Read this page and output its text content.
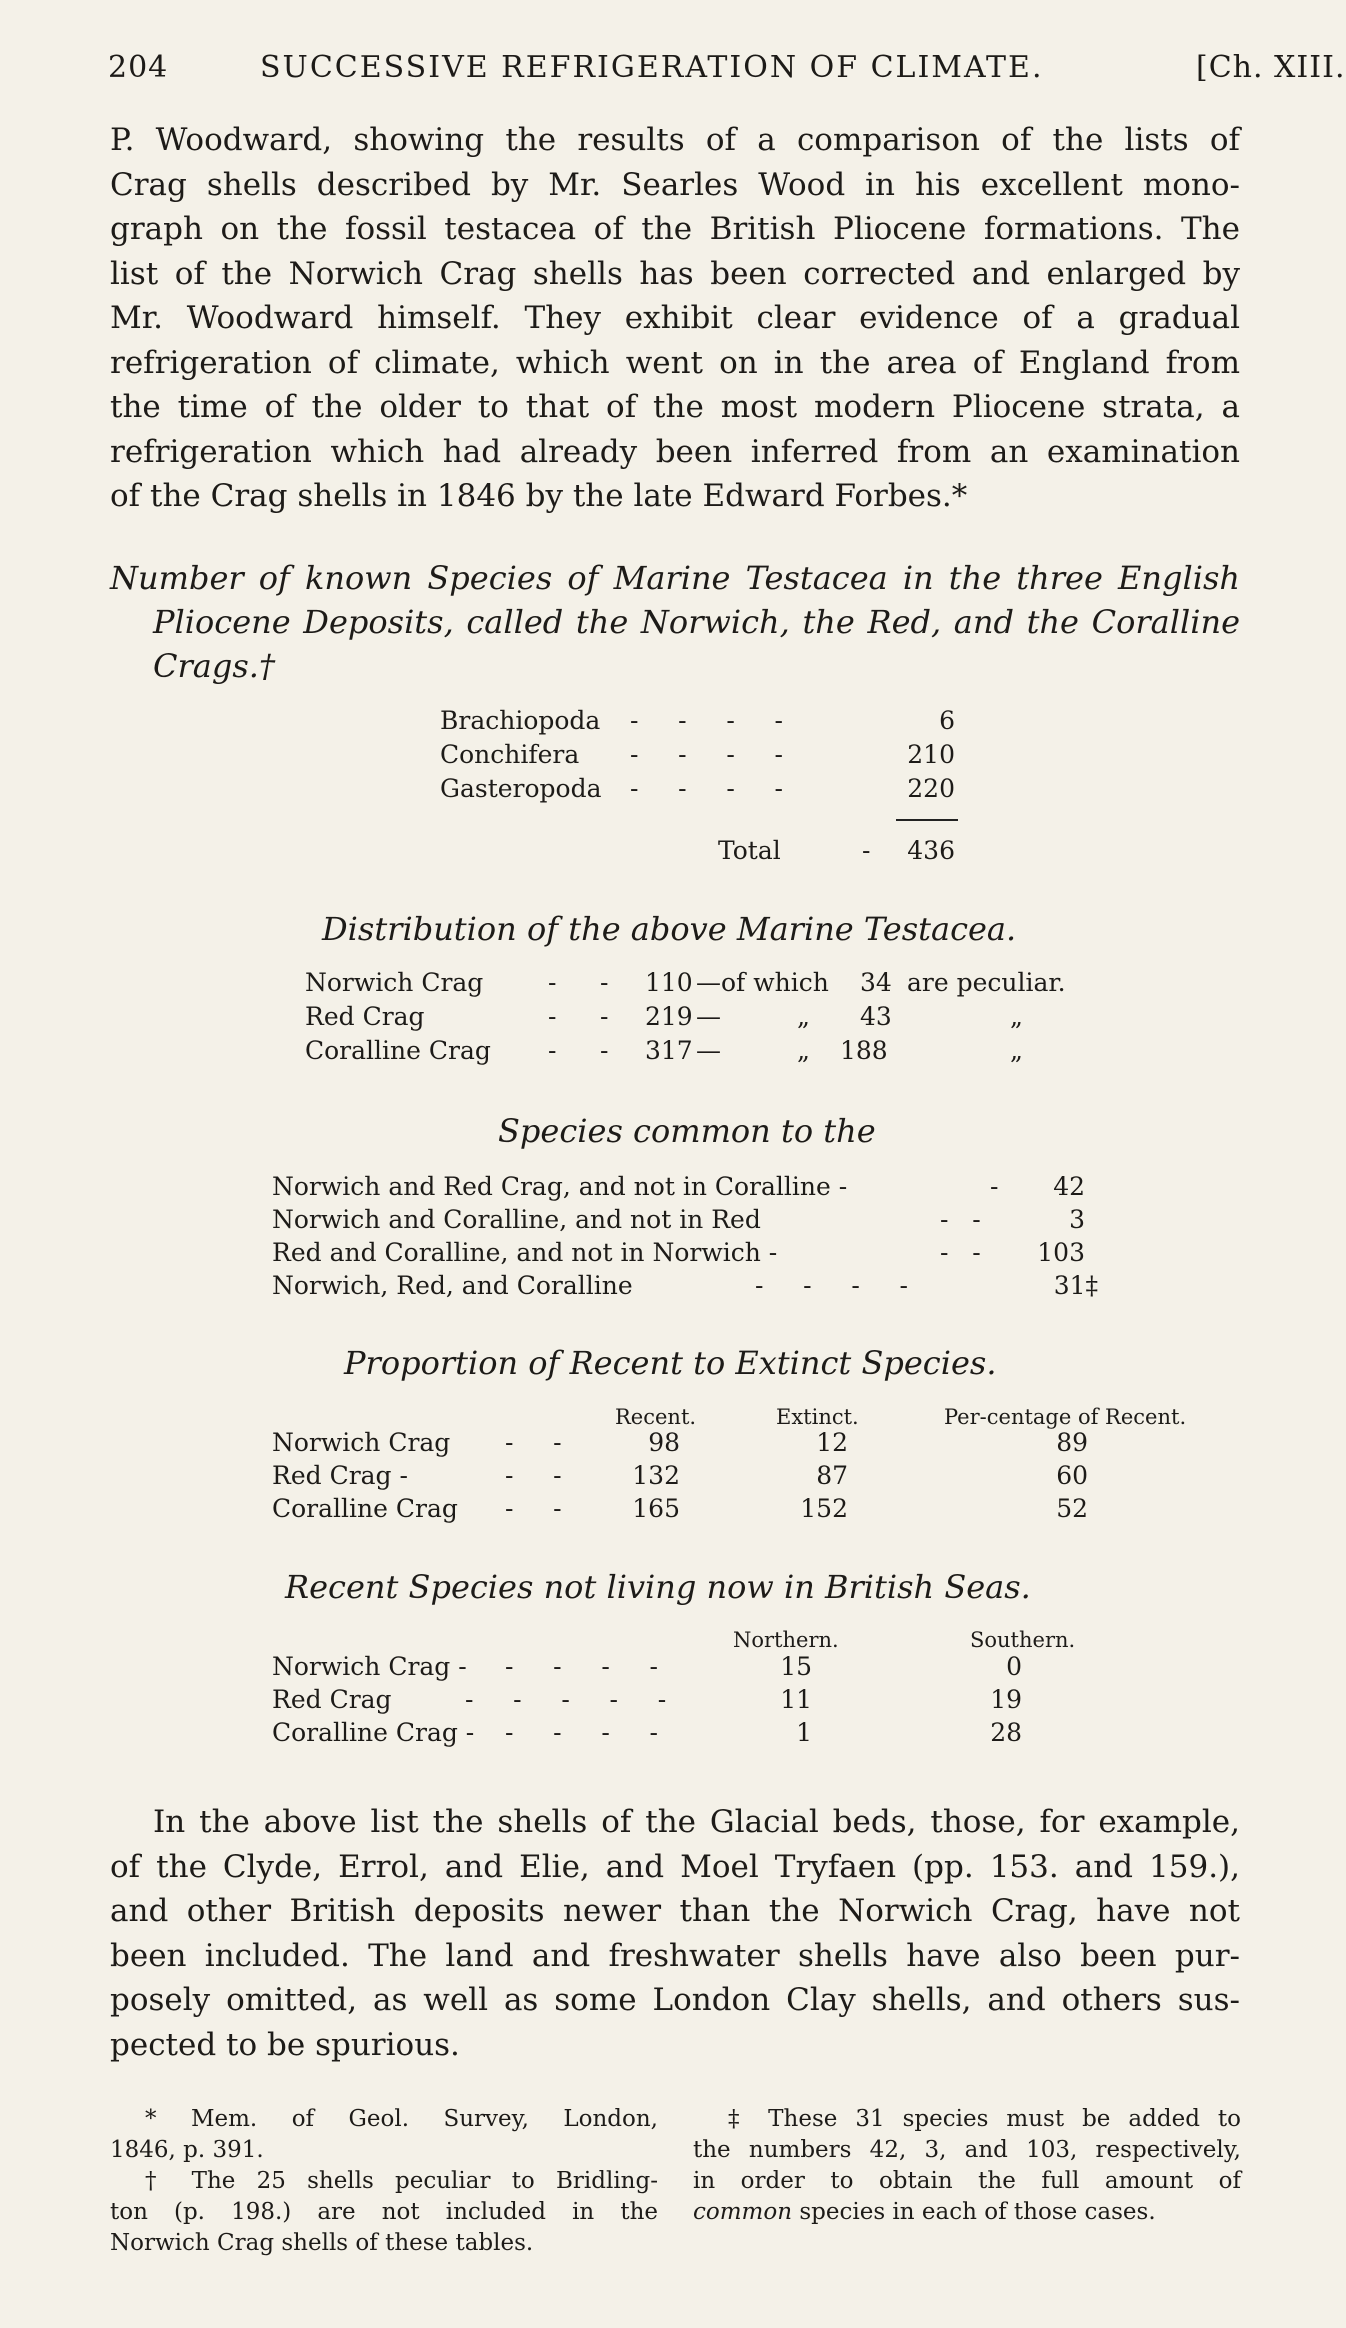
204	SUCCESSIVE REFRIGERATION OF CLIMATE.	[Ch. XIII.
P. Woodward, showing the results of a comparison of the lists of
Crag shells described by Mr. Searles Wood in his excellent mono-
graph on the fossil testacea of the British Pliocene formations. The
list of the Norwich Crag shells has been corrected and enlarged by
Mr. Woodward himself. They exhibit clear evidence of a gradual
refrigeration of climate, which went on in the area of England from
the time of the older to that of the most modern Pliocene strata, a
refrigeration which had already been inferred from an examination
of the Crag shells in 1846 by the late Edward Forbes.*
Number of known Species of Marine Testacea in the three English
Pliocene Deposits, called the Norwich, the Red, and the Coralline
Crags.†
Brachiopoda -     -     -     -	6
Conchifera -     -     -     -	210
Gasteropoda -     -     -     -	220
Total	-	436
Distribution of the above Marine Testacea.
Norwich Crag	- - 110 —of which 34 are peculiar.
Red Crag	- - 219 —	„ 43	„
Coralline Crag - - 317 —	„ 188	„
Species common to the
Norwich and Red Crag, and not in Coralline -	-	42
Norwich and Coralline, and not in Red	-   -	3
Red and Coralline, and not in Norwich -	-   -	103
Norwich, Red, and Coralline	-     -     -     -	31‡
Proportion of Recent to Extinct Species.
Recent.	Extinct.	Per-centage of Recent.
Norwich Crag -     -	98	12	89
Red Crag -	-     -	132	87	60
Coralline Crag -     -	165	152	52
Recent Species not living now in British Seas.
Northern.	Southern.
Norwich Crag - -     -     -     -	15	0
Red Crag	-     -     -     -     -	11	19
Coralline Crag - -     -     -     -	1	28
In the above list the shells of the Glacial beds, those, for example,
of the Clyde, Errol, and Elie, and Moel Tryfaen (pp. 153. and 159.),
and other British deposits newer than the Norwich Crag, have not
been included. The land and freshwater shells have also been pur-
posely omitted, as well as some London Clay shells, and others sus-
pected to be spurious.
* Mem. of Geol. Survey, London,
1846, p. 391.
† The 25 shells peculiar to Bridling-
ton (p. 198.) are not included in the
Norwich Crag shells of these tables.
‡ These 31 species must be added to
the numbers 42, 3, and 103, respectively,
in order to obtain the full amount of
common species in each of those cases.
